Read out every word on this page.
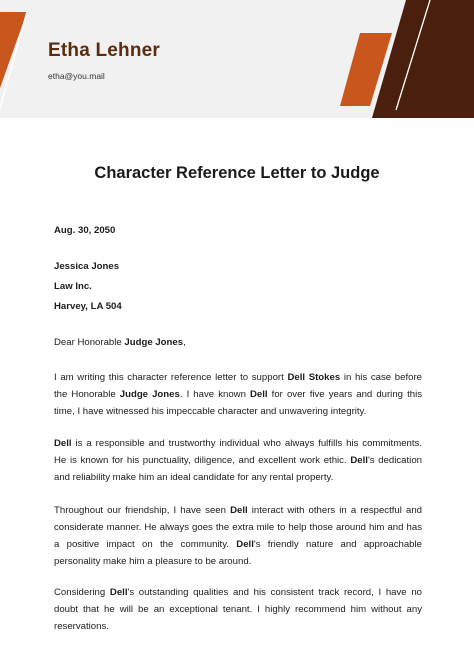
Etha Lehner
etha@you.mail
Character Reference Letter to Judge
Aug. 30, 2050
Jessica Jones
Law Inc.
Harvey, LA 504
Dear Honorable Judge Jones,
I am writing this character reference letter to support Dell Stokes in his case before the Honorable Judge Jones. I have known Dell for over five years and during this time, I have witnessed his impeccable character and unwavering integrity.
Dell is a responsible and trustworthy individual who always fulfills his commitments. He is known for his punctuality, diligence, and excellent work ethic. Dell's dedication and reliability make him an ideal candidate for any rental property.
Throughout our friendship, I have seen Dell interact with others in a respectful and considerate manner. He always goes the extra mile to help those around him and has a positive impact on the community. Dell's friendly nature and approachable personality make him a pleasure to be around.
Considering Dell's outstanding qualities and his consistent track record, I have no doubt that he will be an exceptional tenant. I highly recommend him without any reservations.
